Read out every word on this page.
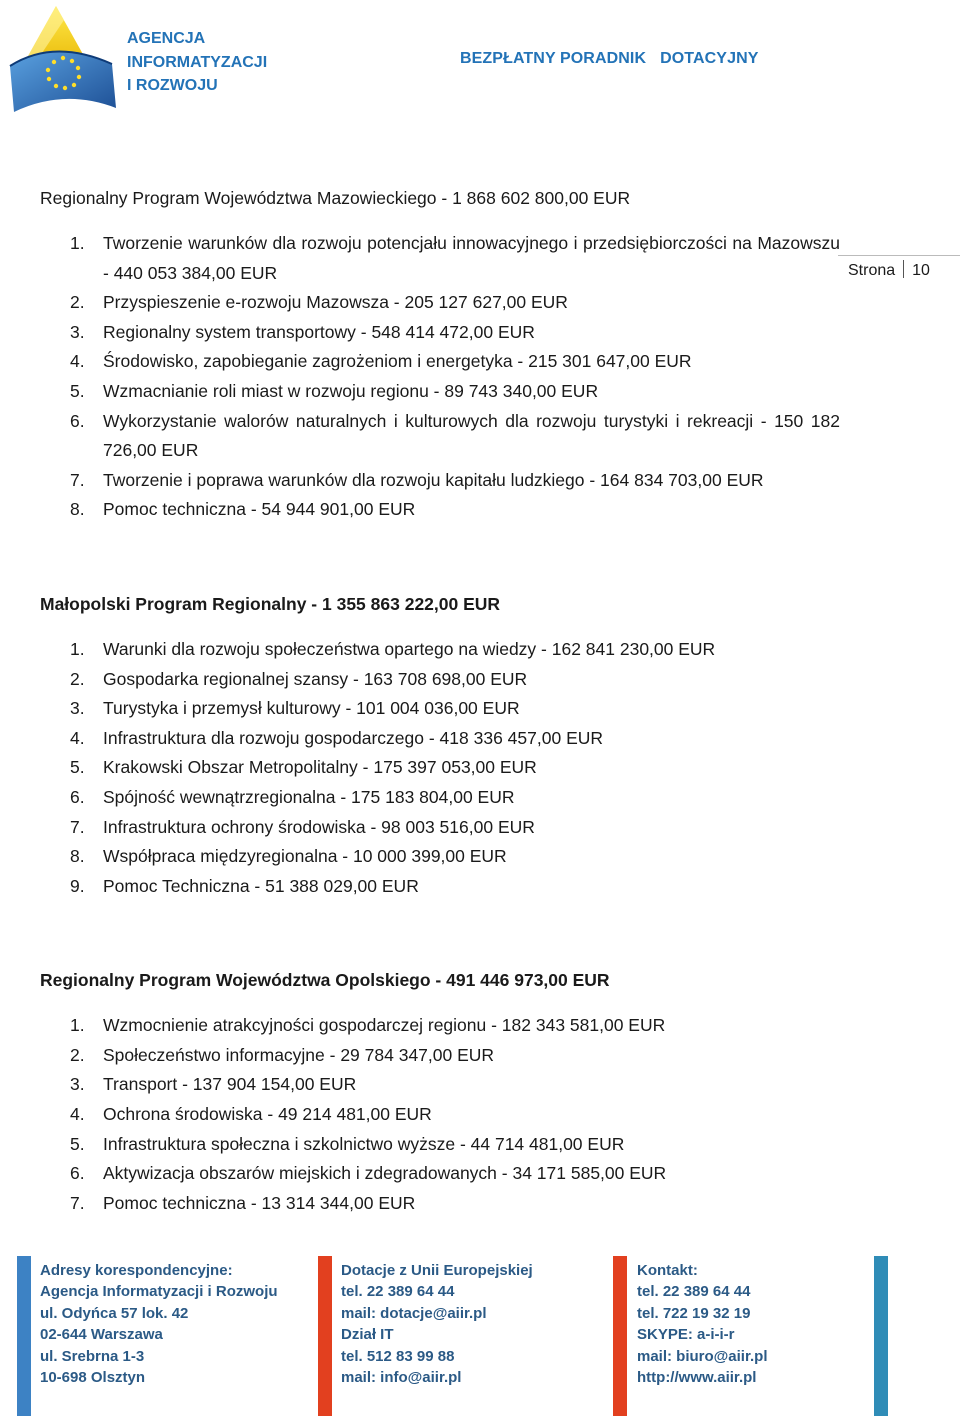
AGENCJA
INFORMATYZACJI
I ROZWOJU
BEZPŁATNY PORADNIK DOTACYJNY
Strona 10
Regionalny Program Województwa Mazowieckiego - 1 868 602 800,00 EUR
1. Tworzenie warunków dla rozwoju potencjału innowacyjnego i przedsiębiorczości na Mazowszu - 440 053 384,00 EUR
2. Przyspieszenie e-rozwoju Mazowsza - 205 127 627,00 EUR
3. Regionalny system transportowy - 548 414 472,00 EUR
4. Środowisko, zapobieganie zagrożeniom i energetyka - 215 301 647,00 EUR
5. Wzmacnianie roli miast w rozwoju regionu - 89 743 340,00 EUR
6. Wykorzystanie walorów naturalnych i kulturowych dla rozwoju turystyki i rekreacji - 150 182 726,00 EUR
7. Tworzenie i poprawa warunków dla rozwoju kapitału ludzkiego - 164 834 703,00 EUR
8. Pomoc techniczna - 54 944 901,00 EUR
Małopolski Program Regionalny - 1 355 863 222,00 EUR
1. Warunki dla rozwoju społeczeństwa opartego na wiedzy - 162 841 230,00 EUR
2. Gospodarka regionalnej szansy - 163 708 698,00 EUR
3. Turystyka i przemysł kulturowy - 101 004 036,00 EUR
4. Infrastruktura dla rozwoju gospodarczego - 418 336 457,00 EUR
5. Krakowski Obszar Metropolitalny - 175 397 053,00 EUR
6. Spójność wewnątrzregionalna - 175 183 804,00 EUR
7. Infrastruktura ochrony środowiska - 98 003 516,00 EUR
8. Współpraca międzyregionalna - 10 000 399,00 EUR
9. Pomoc Techniczna - 51 388 029,00 EUR
Regionalny Program Województwa Opolskiego - 491 446 973,00 EUR
1. Wzmocnienie atrakcyjności gospodarczej regionu - 182 343 581,00 EUR
2. Społeczeństwo informacyjne - 29 784 347,00 EUR
3. Transport - 137 904 154,00 EUR
4. Ochrona środowiska - 49 214 481,00 EUR
5. Infrastruktura społeczna i szkolnictwo wyższe - 44 714 481,00 EUR
6. Aktywizacja obszarów miejskich i zdegradowanych - 34 171 585,00 EUR
7. Pomoc techniczna - 13 314 344,00 EUR
Adresy korespondencyjne:
Agencja Informatyzacji i Rozwoju
ul. Odyńca 57 lok. 42
02-644 Warszawa
ul. Srebrna 1-3
10-698 Olsztyn
Dotacje z Unii Europejskiej
tel. 22 389 64 44
mail: dotacje@aiir.pl
Dział IT
tel. 512 83 99 88
mail: info@aiir.pl
Kontakt:
tel. 22 389 64 44
tel. 722 19 32 19
SKYPE: a-i-i-r
mail: biuro@aiir.pl
http://www.aiir.pl
